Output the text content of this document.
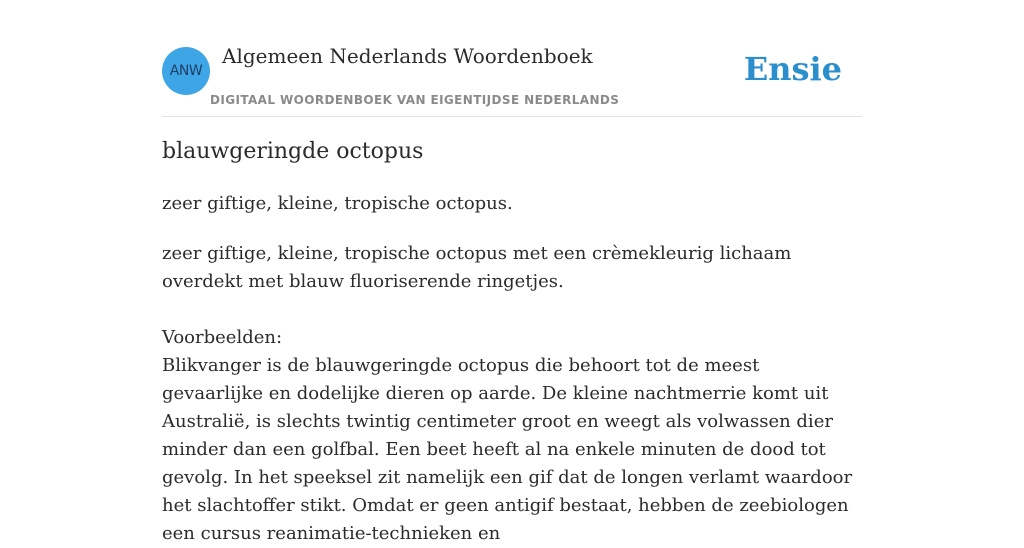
ANW
Algemeen Nederlands Woordenboek
DIGITAAL WOORDENBOEK VAN EIGENTIJDSE NEDERLANDS
Ensie
blauwgeringde octopus
zeer giftige, kleine, tropische octopus.

zeer giftige, kleine, tropische octopus met een crèmekleurig lichaam overdekt met blauw fluoriserende ringetjes.

Voorbeelden:

Blikvanger is de blauwgeringde octopus die behoort tot de meest gevaarlijke en dodelijke dieren op aarde. De kleine nachtmerrie komt uit Australië, is slechts twintig centimeter groot en weegt als volwassen dier minder dan een golfbal. Een beet heeft al na enkele minuten de dood tot gevolg. In het speeksel zit namelijk een gif dat de longen verlamt waardoor het slachtoffer stikt. Omdat er geen antigif bestaat, hebben de zeebiologen een cursus reanimatie-technieken en
